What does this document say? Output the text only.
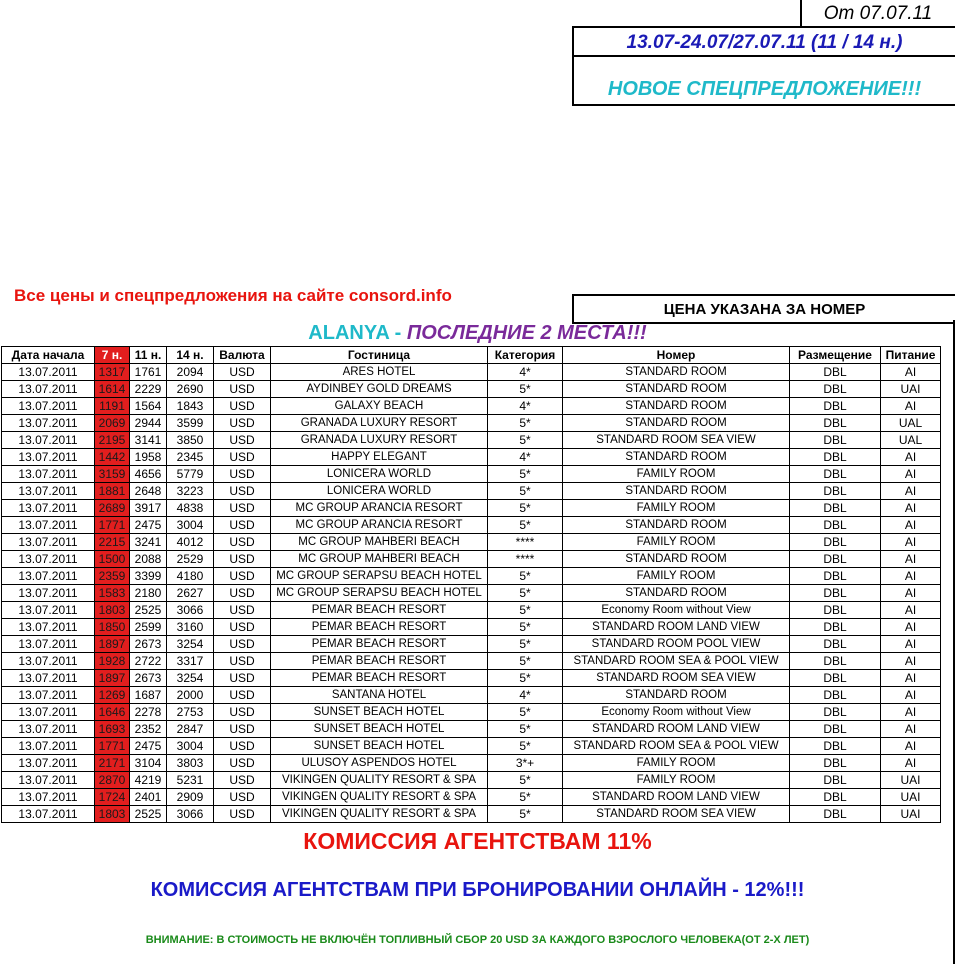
От 07.07.11
13.07-24.07/27.07.11 (11 / 14 н.)
НОВОЕ СПЕЦПРЕДЛОЖЕНИЕ!!!
Все цены и спецпредложения на сайте consord.info
ЦЕНА УКАЗАНА ЗА НОМЕР
ALANYA - ПОСЛЕДНИЕ 2 МЕСТА!!!
Дата начала	7 н.	11 н.	14 н.	Валюта	Гостиница	Категория	Номер	Размещение	Питание
13.07.2011	1317	1761	2094	USD	ARES HOTEL	4*	STANDARD ROOM	DBL	AI
13.07.2011	1614	2229	2690	USD	AYDINBEY GOLD DREAMS	5*	STANDARD ROOM	DBL	UAI
13.07.2011	1191	1564	1843	USD	GALAXY BEACH	4*	STANDARD ROOM	DBL	AI
13.07.2011	2069	2944	3599	USD	GRANADA LUXURY RESORT	5*	STANDARD ROOM	DBL	UAL
13.07.2011	2195	3141	3850	USD	GRANADA LUXURY RESORT	5*	STANDARD ROOM SEA VIEW	DBL	UAL
13.07.2011	1442	1958	2345	USD	HAPPY ELEGANT	4*	STANDARD ROOM	DBL	AI
13.07.2011	3159	4656	5779	USD	LONICERA WORLD	5*	FAMILY ROOM	DBL	AI
13.07.2011	1881	2648	3223	USD	LONICERA WORLD	5*	STANDARD ROOM	DBL	AI
13.07.2011	2689	3917	4838	USD	MC GROUP ARANCIA RESORT	5*	FAMILY ROOM	DBL	AI
13.07.2011	1771	2475	3004	USD	MC GROUP ARANCIA RESORT	5*	STANDARD ROOM	DBL	AI
13.07.2011	2215	3241	4012	USD	MC GROUP MAHBERI BEACH	****	FAMILY ROOM	DBL	AI
13.07.2011	1500	2088	2529	USD	MC GROUP MAHBERI BEACH	****	STANDARD ROOM	DBL	AI
13.07.2011	2359	3399	4180	USD	MC GROUP SERAPSU BEACH HOTEL	5*	FAMILY ROOM	DBL	AI
13.07.2011	1583	2180	2627	USD	MC GROUP SERAPSU BEACH HOTEL	5*	STANDARD ROOM	DBL	AI
13.07.2011	1803	2525	3066	USD	PEMAR BEACH RESORT	5*	Economy Room without View	DBL	AI
13.07.2011	1850	2599	3160	USD	PEMAR BEACH RESORT	5*	STANDARD ROOM LAND VIEW	DBL	AI
13.07.2011	1897	2673	3254	USD	PEMAR BEACH RESORT	5*	STANDARD ROOM POOL VIEW	DBL	AI
13.07.2011	1928	2722	3317	USD	PEMAR BEACH RESORT	5*	STANDARD ROOM SEA & POOL VIEW	DBL	AI
13.07.2011	1897	2673	3254	USD	PEMAR BEACH RESORT	5*	STANDARD ROOM SEA VIEW	DBL	AI
13.07.2011	1269	1687	2000	USD	SANTANA HOTEL	4*	STANDARD ROOM	DBL	AI
13.07.2011	1646	2278	2753	USD	SUNSET BEACH HOTEL	5*	Economy Room without View	DBL	AI
13.07.2011	1693	2352	2847	USD	SUNSET BEACH HOTEL	5*	STANDARD ROOM LAND VIEW	DBL	AI
13.07.2011	1771	2475	3004	USD	SUNSET BEACH HOTEL	5*	STANDARD ROOM SEA & POOL VIEW	DBL	AI
13.07.2011	2171	3104	3803	USD	ULUSOY ASPENDOS HOTEL	3*+	FAMILY ROOM	DBL	AI
13.07.2011	2870	4219	5231	USD	VIKINGEN QUALITY RESORT & SPA	5*	FAMILY ROOM	DBL	UAI
13.07.2011	1724	2401	2909	USD	VIKINGEN QUALITY RESORT & SPA	5*	STANDARD ROOM LAND VIEW	DBL	UAI
13.07.2011	1803	2525	3066	USD	VIKINGEN QUALITY RESORT & SPA	5*	STANDARD ROOM SEA VIEW	DBL	UAI
КОМИССИЯ АГЕНТСТВАМ 11%
КОМИССИЯ АГЕНТСТВАМ ПРИ БРОНИРОВАНИИ ОНЛАЙН - 12%!!!
ВНИМАНИЕ: В СТОИМОСТЬ НЕ ВКЛЮЧЁН ТОПЛИВНЫЙ СБОР 20 USD ЗА КАЖДОГО ВЗРОСЛОГО ЧЕЛОВЕКА(ОТ 2-Х ЛЕТ)
